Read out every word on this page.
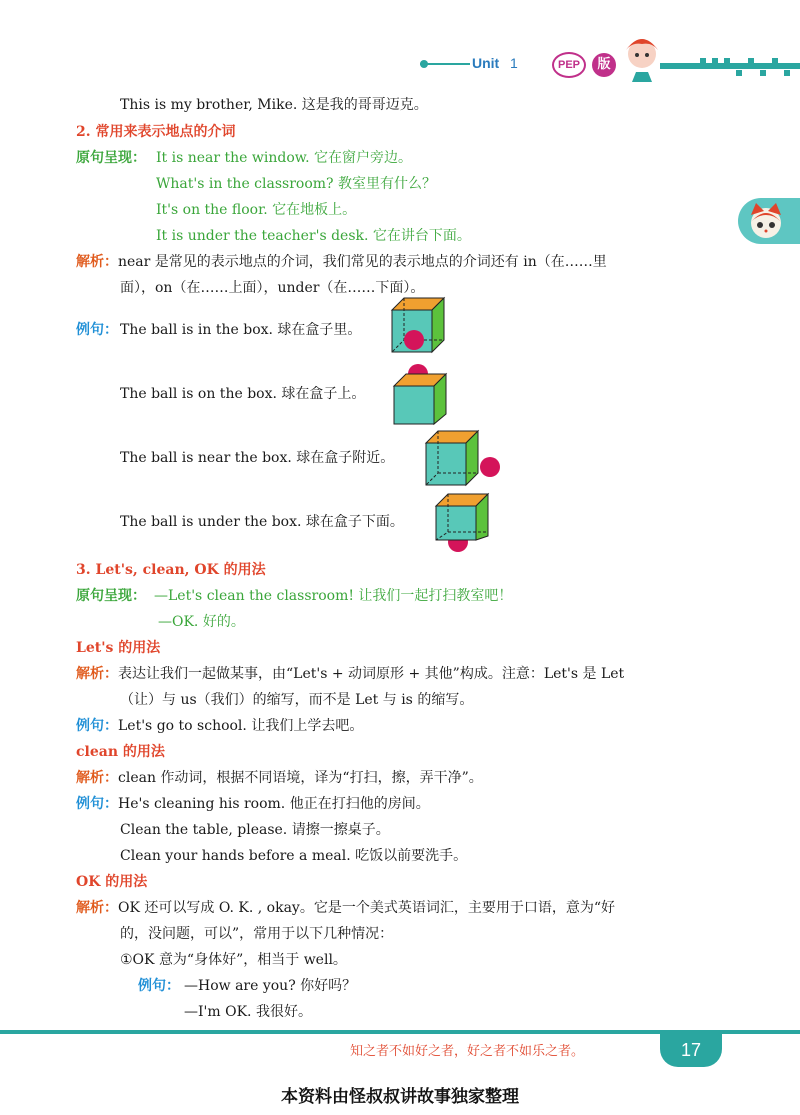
Unit 1	PEP	版
This is my brother, Mike. 这是我的哥哥迈克。
2. 常用来表示地点的介词
原句呈现： It is near the window. 它在窗户旁边。
What's in the classroom? 教室里有什么？
It's on the floor. 它在地板上。
It is under the teacher's desk. 它在讲台下面。
解析： near 是常见的表示地点的介词，我们常见的表示地点的介词还有 in（在……里
面），on（在……上面），under（在……下面）。
例句： The ball is in the box. 球在盒子里。
The ball is on the box. 球在盒子上。
The ball is near the box. 球在盒子附近。
The ball is under the box. 球在盒子下面。
3. Let's, clean, OK 的用法
原句呈现： —Let's clean the classroom! 让我们一起打扫教室吧！
—OK. 好的。
Let's 的用法
解析： 表达让我们一起做某事，由“Let's + 动词原形 + 其他”构成。注意：Let's 是 Let
（让）与 us（我们）的缩写，而不是 Let 与 is 的缩写。
例句： Let's go to school. 让我们上学去吧。
clean 的用法
解析： clean 作动词，根据不同语境，译为“打扫，擦，弄干净”。
例句： He's cleaning his room. 他正在打扫他的房间。
Clean the table, please. 请擦一擦桌子。
Clean your hands before a meal. 吃饭以前要洗手。
OK 的用法
解析： OK 还可以写成 O. K. , okay。它是一个美式英语词汇，主要用于口语，意为“好
的，没问题，可以”，常用于以下几种情况：
①OK 意为“身体好”，相当于 well。
例句： —How are you? 你好吗？
—I'm OK. 我很好。
知之者不如好之者，好之者不如乐之者。	17
本资料由怪叔叔讲故事独家整理
